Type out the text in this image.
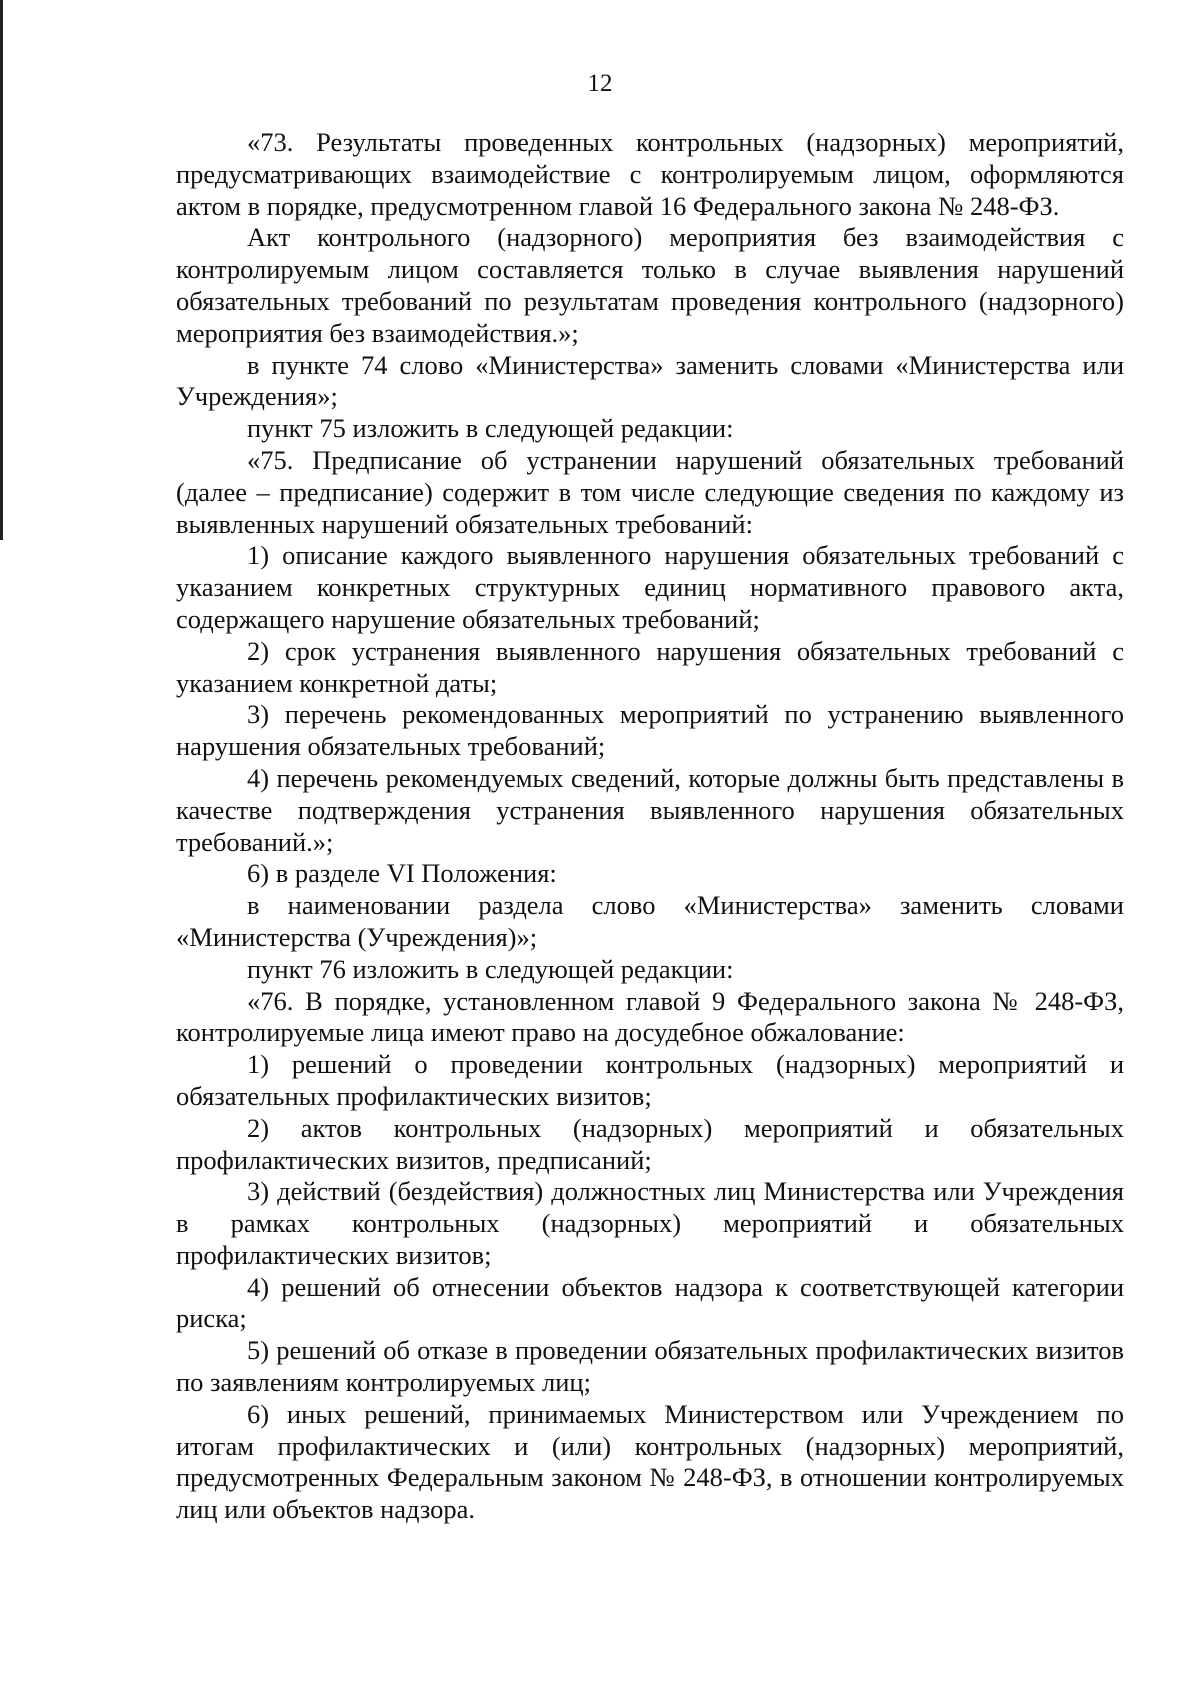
12

«73. Результаты проведенных контрольных (надзорных) мероприятий, предусматривающих взаимодействие с контролируемым лицом, оформляются актом в порядке, предусмотренном главой 16 Федерального закона № 248-ФЗ.

Акт контрольного (надзорного) мероприятия без взаимодействия с контролируемым лицом составляется только в случае выявления нарушений обязательных требований по результатам проведения контрольного (надзорного) мероприятия без взаимодействия.»;

в пункте 74 слово «Министерства» заменить словами «Министерства или Учреждения»;

пункт 75 изложить в следующей редакции:

«75. Предписание об устранении нарушений обязательных требований (далее – предписание) содержит в том числе следующие сведения по каждому из выявленных нарушений обязательных требований:

1) описание каждого выявленного нарушения обязательных требований с указанием конкретных структурных единиц нормативного правового акта, содержащего нарушение обязательных требований;

2) срок устранения выявленного нарушения обязательных требований с указанием конкретной даты;

3) перечень рекомендованных мероприятий по устранению выявленного нарушения обязательных требований;

4) перечень рекомендуемых сведений, которые должны быть представлены в качестве подтверждения устранения выявленного нарушения обязательных требований.»;

6) в разделе VI Положения:

в наименовании раздела слово «Министерства» заменить словами «Министерства (Учреждения)»;

пункт 76 изложить в следующей редакции:

«76. В порядке, установленном главой 9 Федерального закона № 248-ФЗ, контролируемые лица имеют право на досудебное обжалование:

1) решений о проведении контрольных (надзорных) мероприятий и обязательных профилактических визитов;

2) актов контрольных (надзорных) мероприятий и обязательных профилактических визитов, предписаний;

3) действий (бездействия) должностных лиц Министерства или Учреждения в рамках контрольных (надзорных) мероприятий и обязательных профилактических визитов;

4) решений об отнесении объектов надзора к соответствующей категории риска;

5) решений об отказе в проведении обязательных профилактических визитов по заявлениям контролируемых лиц;

6) иных решений, принимаемых Министерством или Учреждением по итогам профилактических и (или) контрольных (надзорных) мероприятий, предусмотренных Федеральным законом № 248-ФЗ, в отношении контролируемых лиц или объектов надзора.
